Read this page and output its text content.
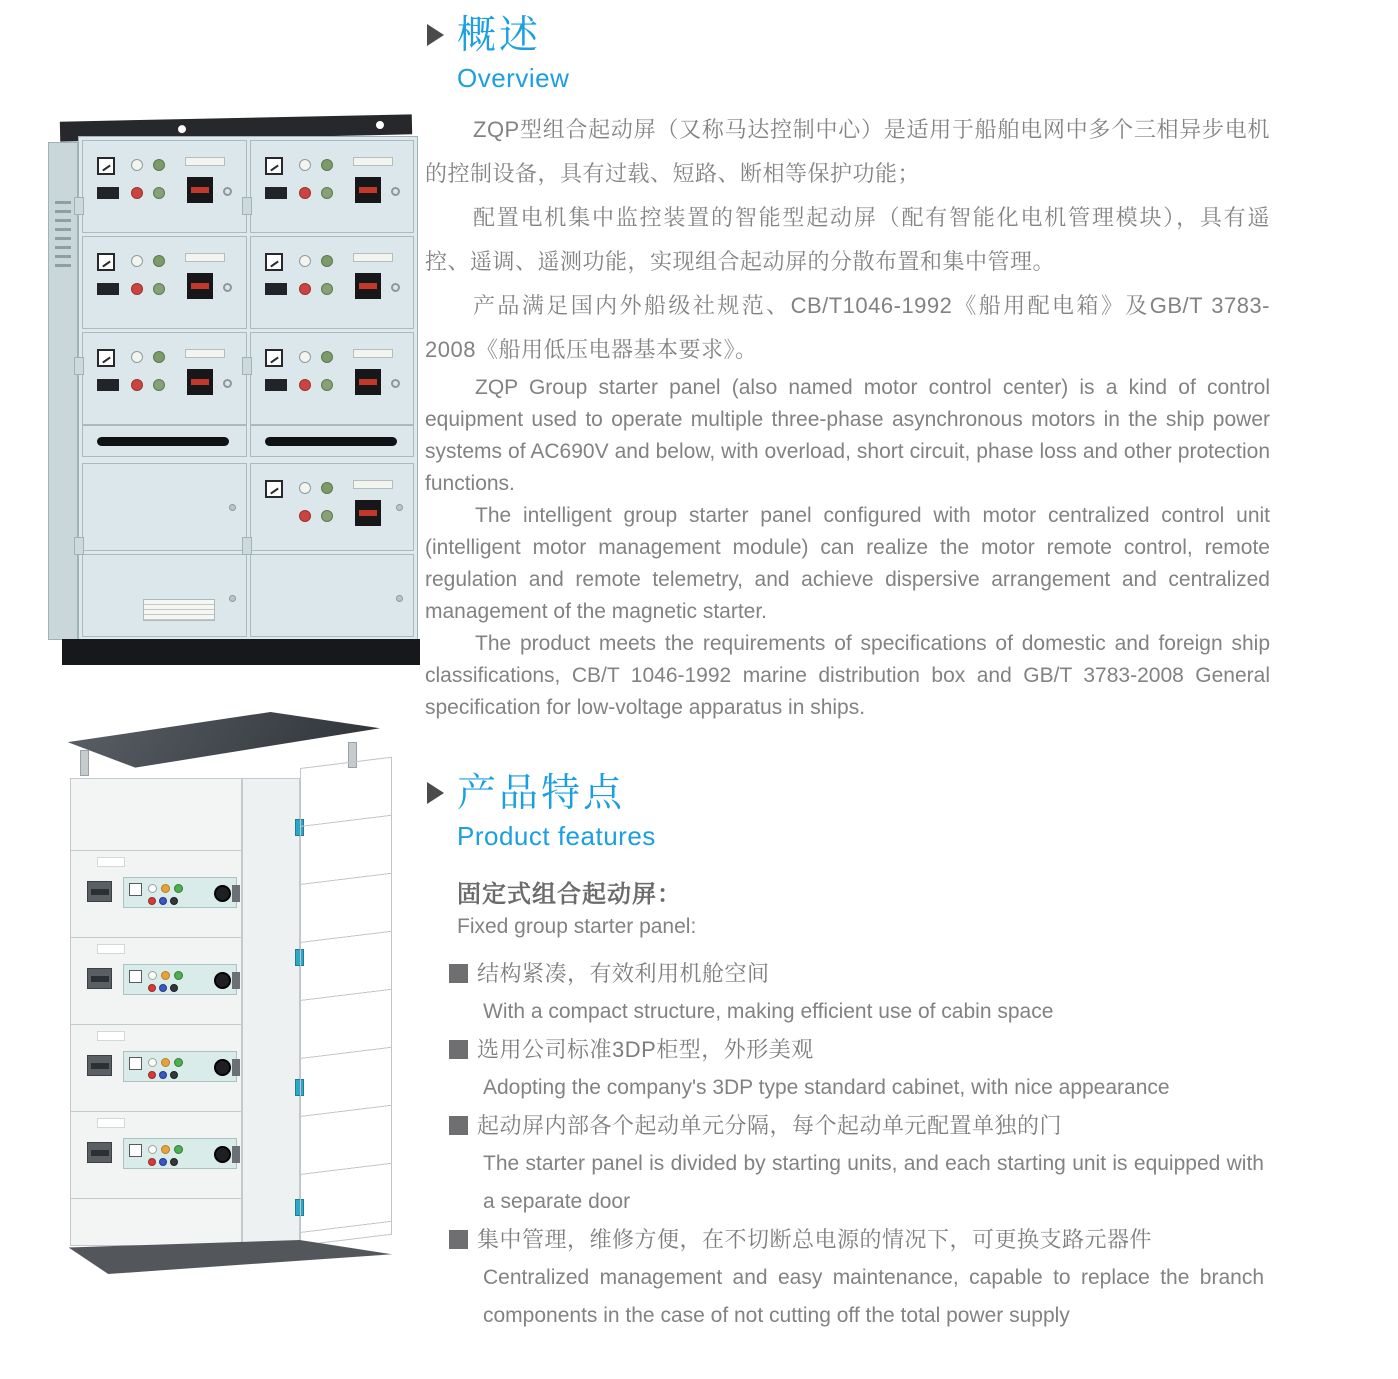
概述
Overview

ZQP型组合起动屏（又称马达控制中心）是适用于船舶电网中多个三相异步电机的控制设备，具有过载、短路、断相等保护功能；

配置电机集中监控装置的智能型起动屏（配有智能化电机管理模块），具有遥控、遥调、遥测功能，实现组合起动屏的分散布置和集中管理。

产品满足国内外船级社规范、CB/T1046-1992《船用配电箱》及GB/T 3783-2008《船用低压电器基本要求》。

ZQP Group starter panel (also named motor control center) is a kind of control equipment used to operate multiple three-phase asynchronous motors in the ship power systems of AC690V and below, with overload, short circuit, phase loss and other protection functions.

The intelligent group starter panel configured with motor centralized control unit (intelligent motor management module) can realize the motor remote control, remote regulation and remote telemetry, and achieve dispersive arrangement and centralized management of the magnetic starter.

The product meets the requirements of specifications of domestic and foreign ship classifications, CB/T 1046-1992 marine distribution box and GB/T 3783-2008 General specification for low-voltage apparatus in ships.

产品特点
Product features
固定式组合起动屏：
Fixed group starter panel:
结构紧凑，有效利用机舱空间
With a compact structure, making efficient use of cabin space
选用公司标准3DP柜型，外形美观
Adopting the company's 3DP type standard cabinet, with nice appearance
起动屏内部各个起动单元分隔，每个起动单元配置单独的门
The starter panel is divided by starting units, and each starting unit is equipped with a separate door
集中管理，维修方便，在不切断总电源的情况下，可更换支路元器件
Centralized management and easy maintenance, capable to replace the branch components in the case of not cutting off the total power supply
